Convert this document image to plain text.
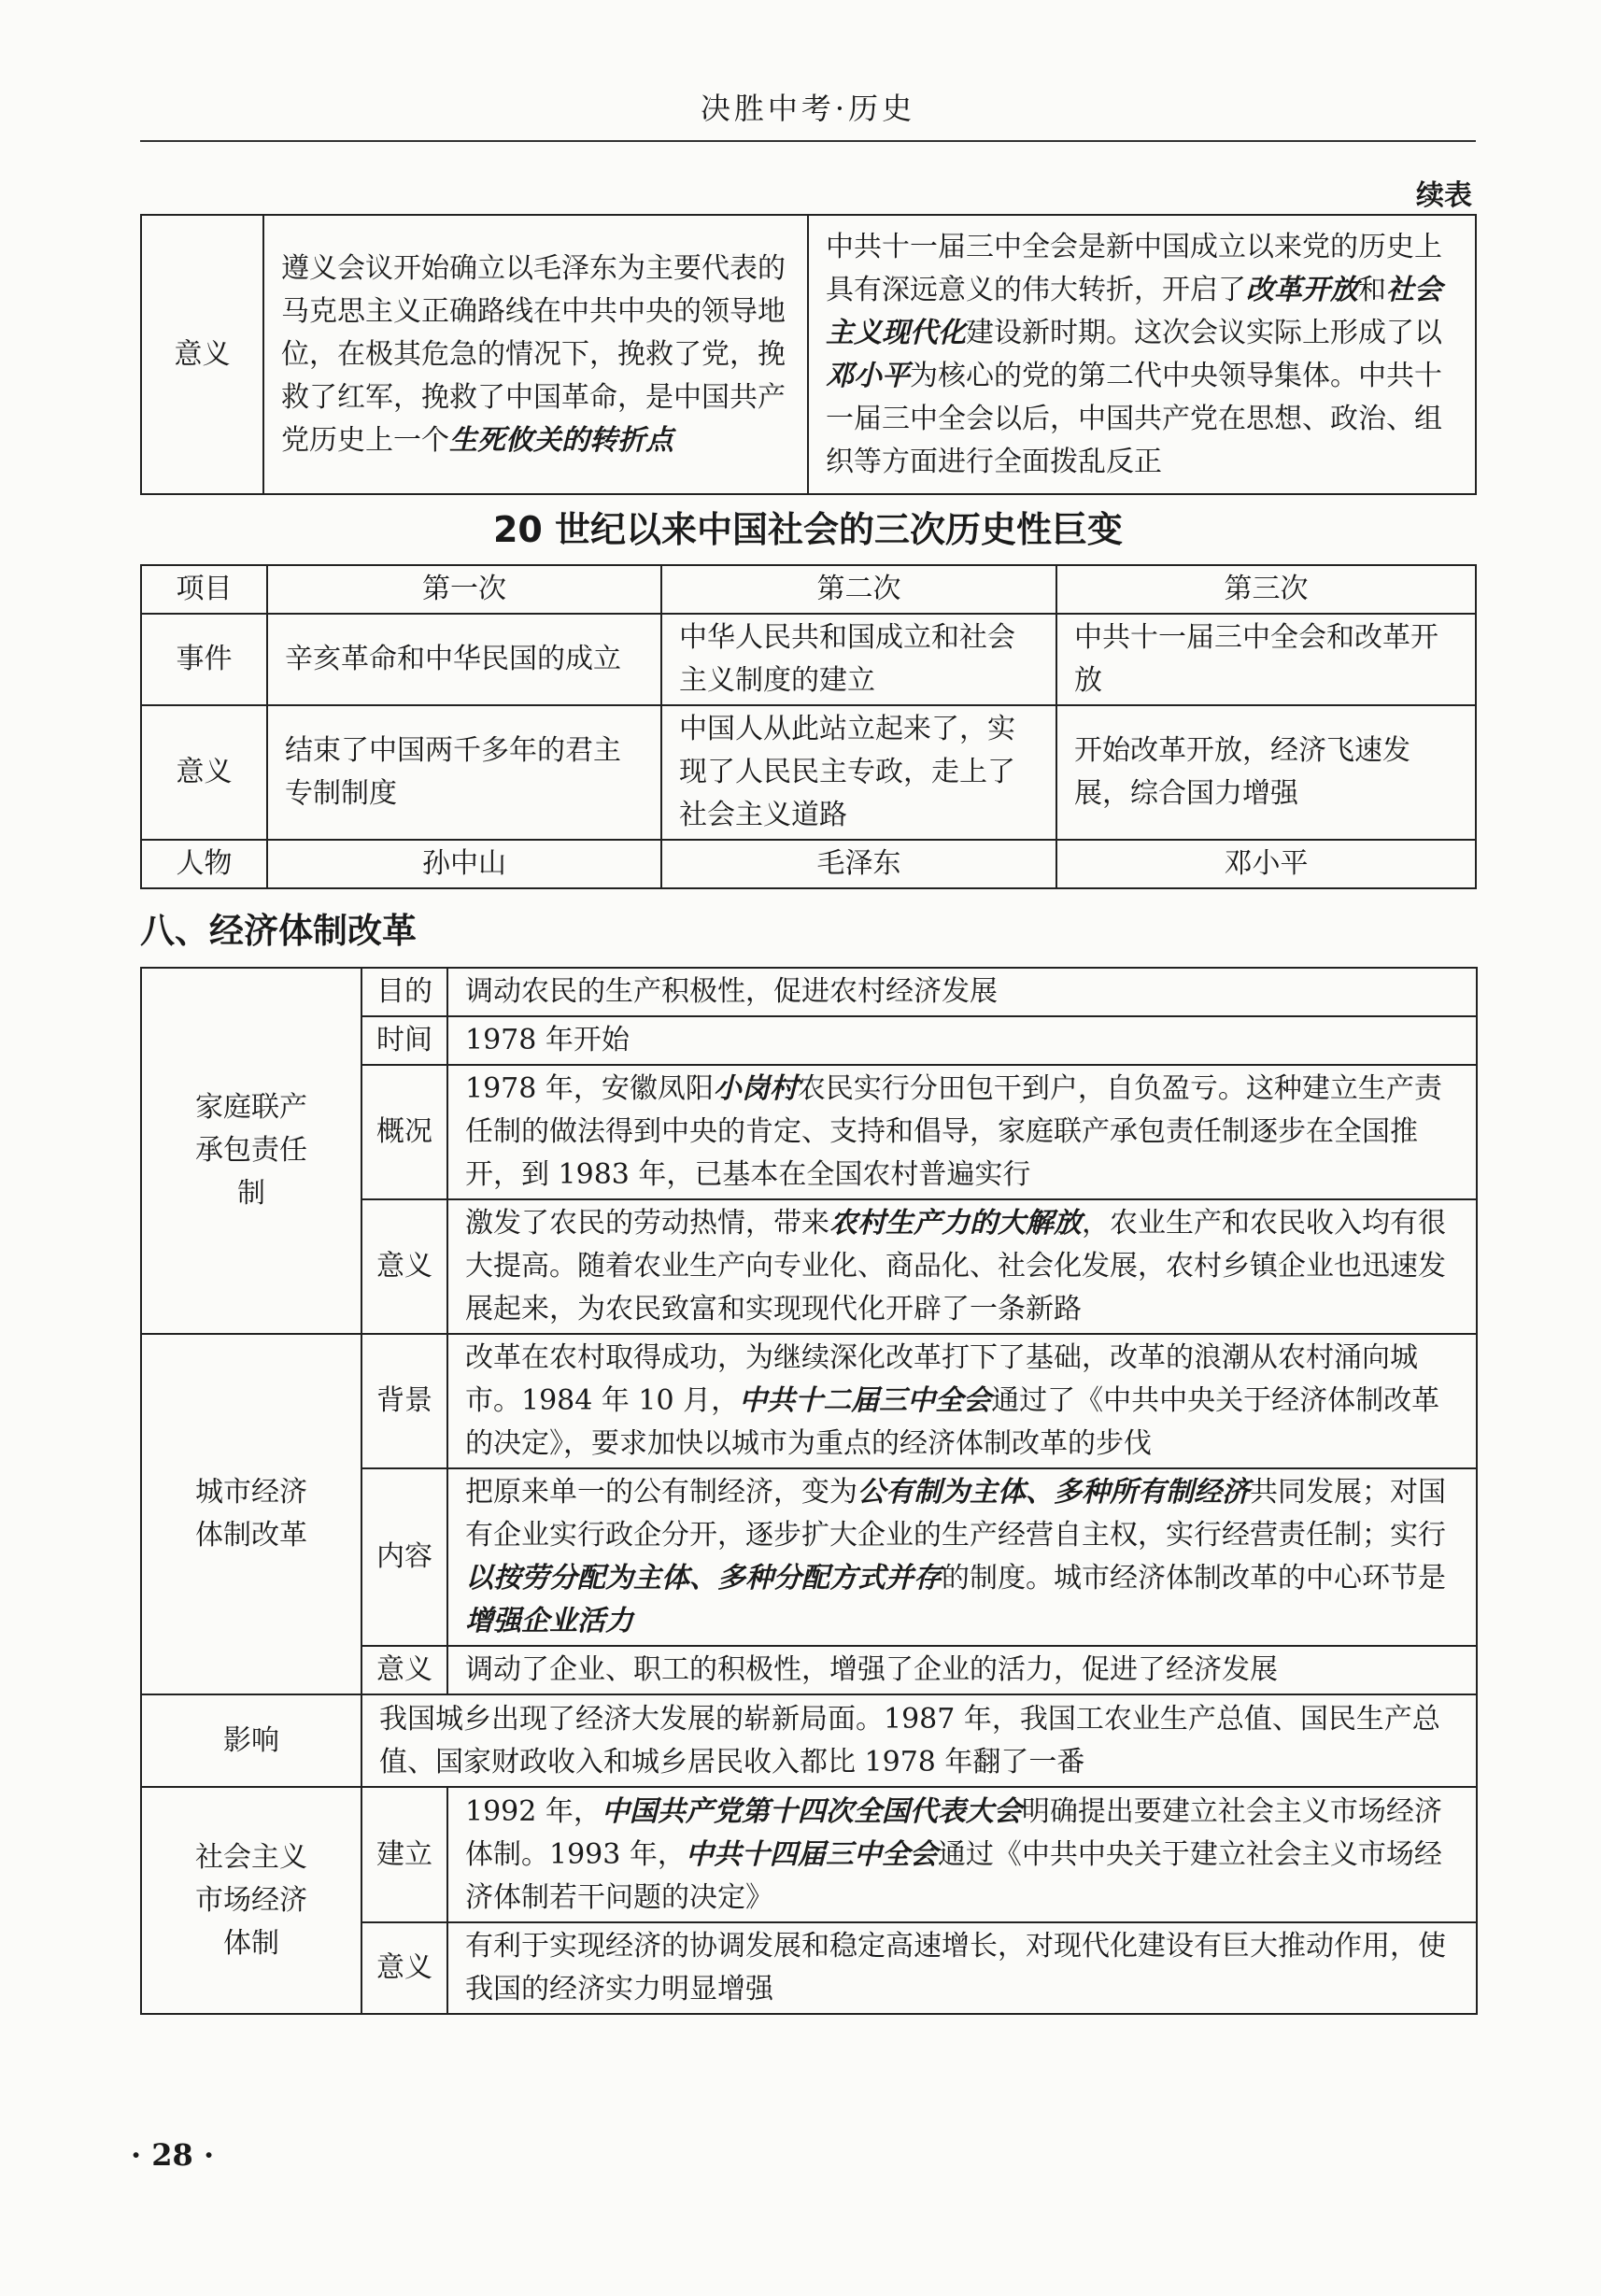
决胜中考·历史
续表
意义	遵义会议开始确立以毛泽东为主要代表的马克思主义正确路线在中共中央的领导地位，在极其危急的情况下，挽救了党，挽救了红军，挽救了中国革命，是中国共产党历史上一个生死攸关的转折点	中共十一届三中全会是新中国成立以来党的历史上具有深远意义的伟大转折，开启了改革开放和社会主义现代化建设新时期。这次会议实际上形成了以邓小平为核心的党的第二代中央领导集体。中共十一届三中全会以后，中国共产党在思想、政治、组织等方面进行全面拨乱反正
20 世纪以来中国社会的三次历史性巨变
项目	第一次	第二次	第三次
事件	辛亥革命和中华民国的成立	中华人民共和国成立和社会主义制度的建立	中共十一届三中全会和改革开放
意义	结束了中国两千多年的君主专制制度	中国人从此站立起来了，实现了人民民主专政，走上了社会主义道路	开始改革开放，经济飞速发展，综合国力增强
人物	孙中山	毛泽东	邓小平
八、经济体制改革
家庭联产承包责任制	目的	调动农民的生产积极性，促进农村经济发展
	时间	1978 年开始
	概况	1978 年，安徽凤阳小岗村农民实行分田包干到户，自负盈亏。这种建立生产责任制的做法得到中央的肯定、支持和倡导，家庭联产承包责任制逐步在全国推开，到 1983 年，已基本在全国农村普遍实行
	意义	激发了农民的劳动热情，带来农村生产力的大解放，农业生产和农民收入均有很大提高。随着农业生产向专业化、商品化、社会化发展，农村乡镇企业也迅速发展起来，为农民致富和实现现代化开辟了一条新路

城市经济体制改革	背景	改革在农村取得成功，为继续深化改革打下了基础，改革的浪潮从农村涌向城市。1984 年 10 月，中共十二届三中全会通过了《中共中央关于经济体制改革的决定》，要求加快以城市为重点的经济体制改革的步伐
	内容	把原来单一的公有制经济，变为公有制为主体、多种所有制经济共同发展；对国有企业实行政企分开，逐步扩大企业的生产经营自主权，实行经营责任制；实行以按劳分配为主体、多种分配方式并存的制度。城市经济体制改革的中心环节是增强企业活力
	意义	调动了企业、职工的积极性，增强了企业的活力，促进了经济发展
影响	我国城乡出现了经济大发展的崭新局面。1987 年，我国工农业生产总值、国民生产总值、国家财政收入和城乡居民收入都比 1978 年翻了一番	

社会主义市场经济体制	建立	1992 年，中国共产党第十四次全国代表大会明确提出要建立社会主义市场经济体制。1993 年，中共十四届三中全会通过《中共中央关于建立社会主义市场经济体制若干问题的决定》
	意义	有利于实现经济的协调发展和稳定高速增长，对现代化建设有巨大推动作用，使我国的经济实力明显增强
· 28 ·
